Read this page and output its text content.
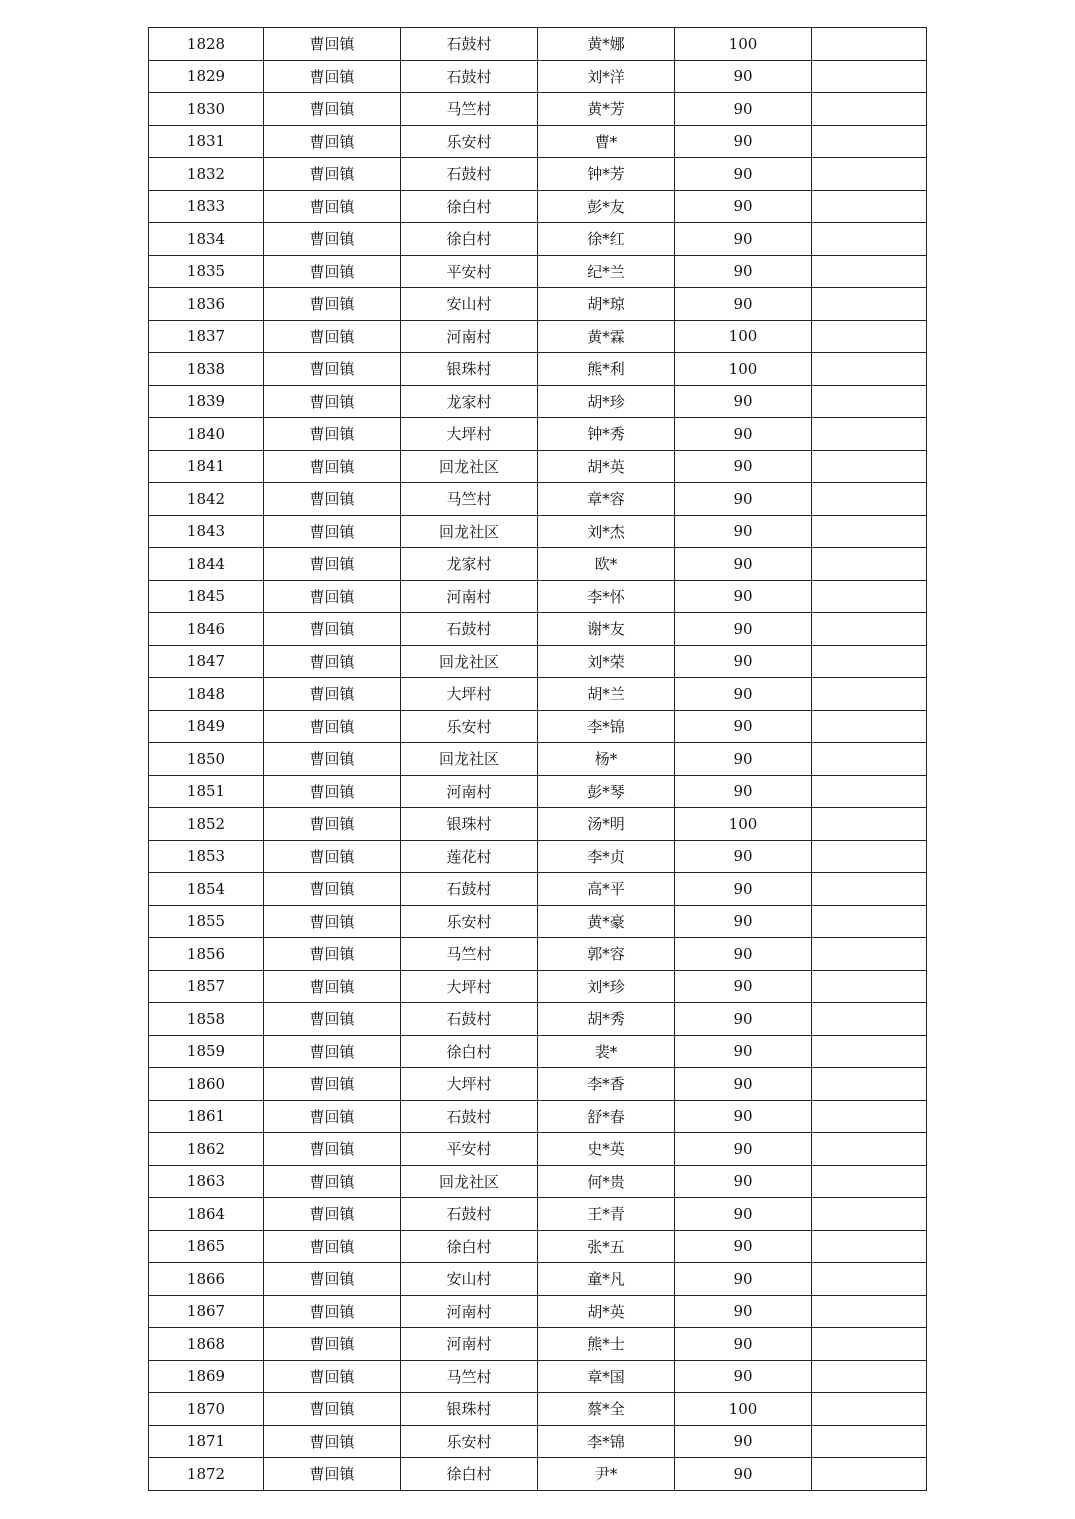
1828	曹回镇	石鼓村	黄*娜	100	
1829	曹回镇	石鼓村	刘*洋	90	
1830	曹回镇	马竺村	黄*芳	90	
1831	曹回镇	乐安村	曹*	90	
1832	曹回镇	石鼓村	钟*芳	90	
1833	曹回镇	徐白村	彭*友	90	
1834	曹回镇	徐白村	徐*红	90	
1835	曹回镇	平安村	纪*兰	90	
1836	曹回镇	安山村	胡*琼	90	
1837	曹回镇	河南村	黄*霖	100	
1838	曹回镇	银珠村	熊*利	100	
1839	曹回镇	龙家村	胡*珍	90	
1840	曹回镇	大坪村	钟*秀	90	
1841	曹回镇	回龙社区	胡*英	90	
1842	曹回镇	马竺村	章*容	90	
1843	曹回镇	回龙社区	刘*杰	90	
1844	曹回镇	龙家村	欧*	90	
1845	曹回镇	河南村	李*怀	90	
1846	曹回镇	石鼓村	谢*友	90	
1847	曹回镇	回龙社区	刘*荣	90	
1848	曹回镇	大坪村	胡*兰	90	
1849	曹回镇	乐安村	李*锦	90	
1850	曹回镇	回龙社区	杨*	90	
1851	曹回镇	河南村	彭*琴	90	
1852	曹回镇	银珠村	汤*明	100	
1853	曹回镇	莲花村	李*贞	90	
1854	曹回镇	石鼓村	高*平	90	
1855	曹回镇	乐安村	黄*豪	90	
1856	曹回镇	马竺村	郭*容	90	
1857	曹回镇	大坪村	刘*珍	90	
1858	曹回镇	石鼓村	胡*秀	90	
1859	曹回镇	徐白村	裴*	90	
1860	曹回镇	大坪村	李*香	90	
1861	曹回镇	石鼓村	舒*春	90	
1862	曹回镇	平安村	史*英	90	
1863	曹回镇	回龙社区	何*贵	90	
1864	曹回镇	石鼓村	王*青	90	
1865	曹回镇	徐白村	张*五	90	
1866	曹回镇	安山村	童*凡	90	
1867	曹回镇	河南村	胡*英	90	
1868	曹回镇	河南村	熊*士	90	
1869	曹回镇	马竺村	章*国	90	
1870	曹回镇	银珠村	蔡*全	100	
1871	曹回镇	乐安村	李*锦	90	
1872	曹回镇	徐白村	尹*	90	
